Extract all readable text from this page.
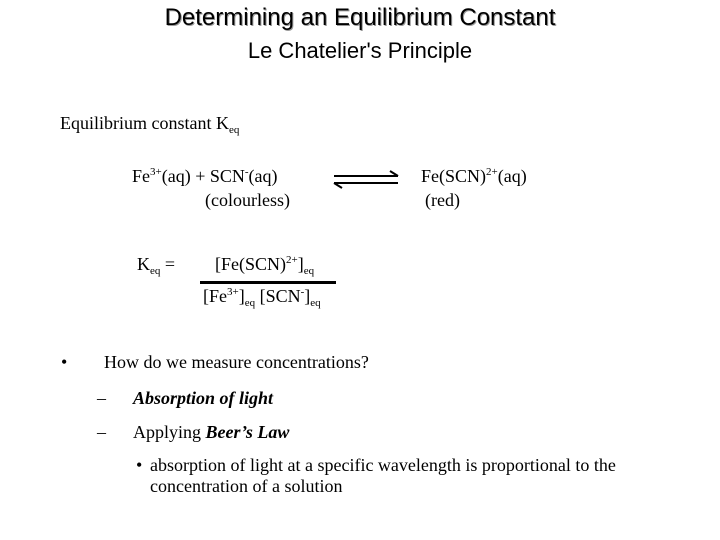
Determining an Equilibrium Constant
Le Chatelier's Principle
Equilibrium constant $K_{eq}$
$Fe^{3+}(aq) + SCN^-(aq)$
(colourless)
Fe(SCN)$^{2+}$(aq)
(red)
$K_{eq} = [Fe(SCN)^{2+}]_{eq}$
$[Fe^{3+}]_{eq}$ $[SCN^-]_{eq}$
• How do we measure concentrations?
– Absorption of light
– Applying Beer’s Law
• absorption of light at a specific wavelength is proportional to the concentration of a solution
